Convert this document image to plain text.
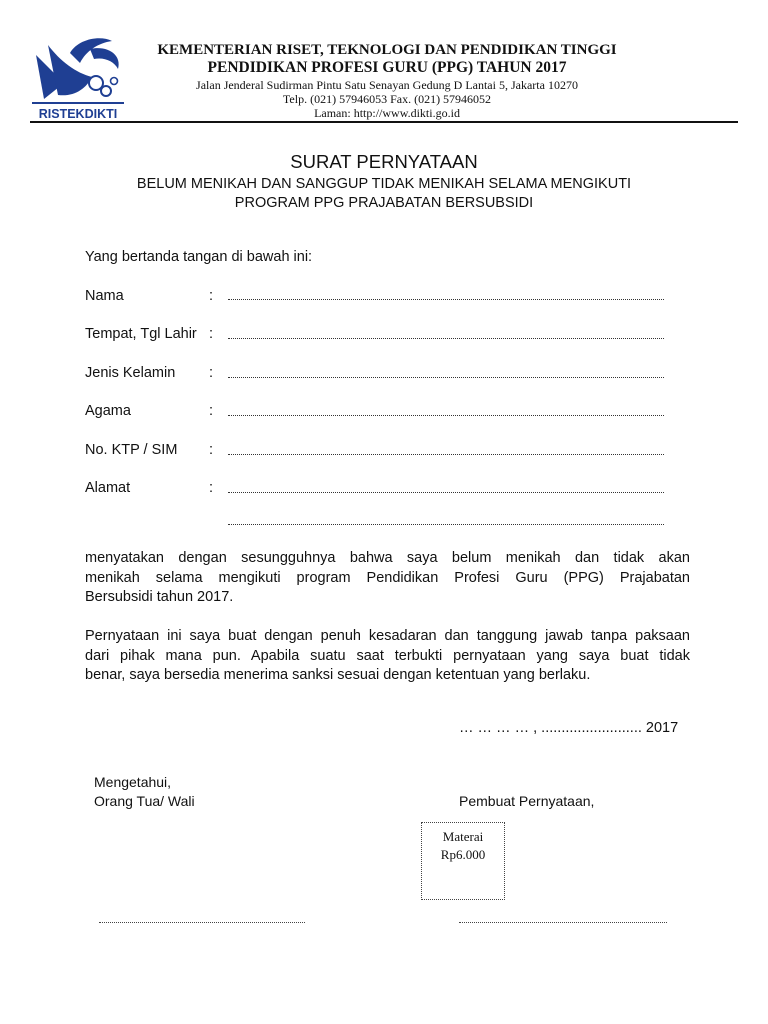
RISTEKDIKTI
KEMENTERIAN RISET, TEKNOLOGI DAN PENDIDIKAN TINGGI
PENDIDIKAN PROFESI GURU (PPG) TAHUN 2017
Jalan Jenderal Sudirman Pintu Satu Senayan Gedung D Lantai 5, Jakarta 10270
Telp. (021) 57946053 Fax. (021) 57946052
Laman: http://www.dikti.go.id
SURAT PERNYATAAN
BELUM MENIKAH DAN SANGGUP TIDAK MENIKAH SELAMA MENGIKUTI
PROGRAM PPG PRAJABATAN BERSUBSIDI
Yang bertanda tangan di bawah ini:
Nama	:
Tempat, Tgl Lahir :
Jenis Kelamin :
Agama	:
No. KTP / SIM :
Alamat	:
menyatakan dengan sesungguhnya bahwa saya belum menikah dan tidak akan
menikah selama mengikuti program Pendidikan Profesi Guru (PPG) Prajabatan
Bersubsidi tahun 2017.
Pernyataan ini saya buat dengan penuh kesadaran dan tanggung jawab tanpa paksaan
dari pihak mana pun. Apabila suatu saat terbukti pernyataan yang saya buat tidak
benar, saya bersedia menerima sanksi sesuai dengan ketentuan yang berlaku.
… … … … , ......................... 2017
Mengetahui,
Orang Tua/ Wali	Pembuat Pernyataan,
Materai
Rp6.000
